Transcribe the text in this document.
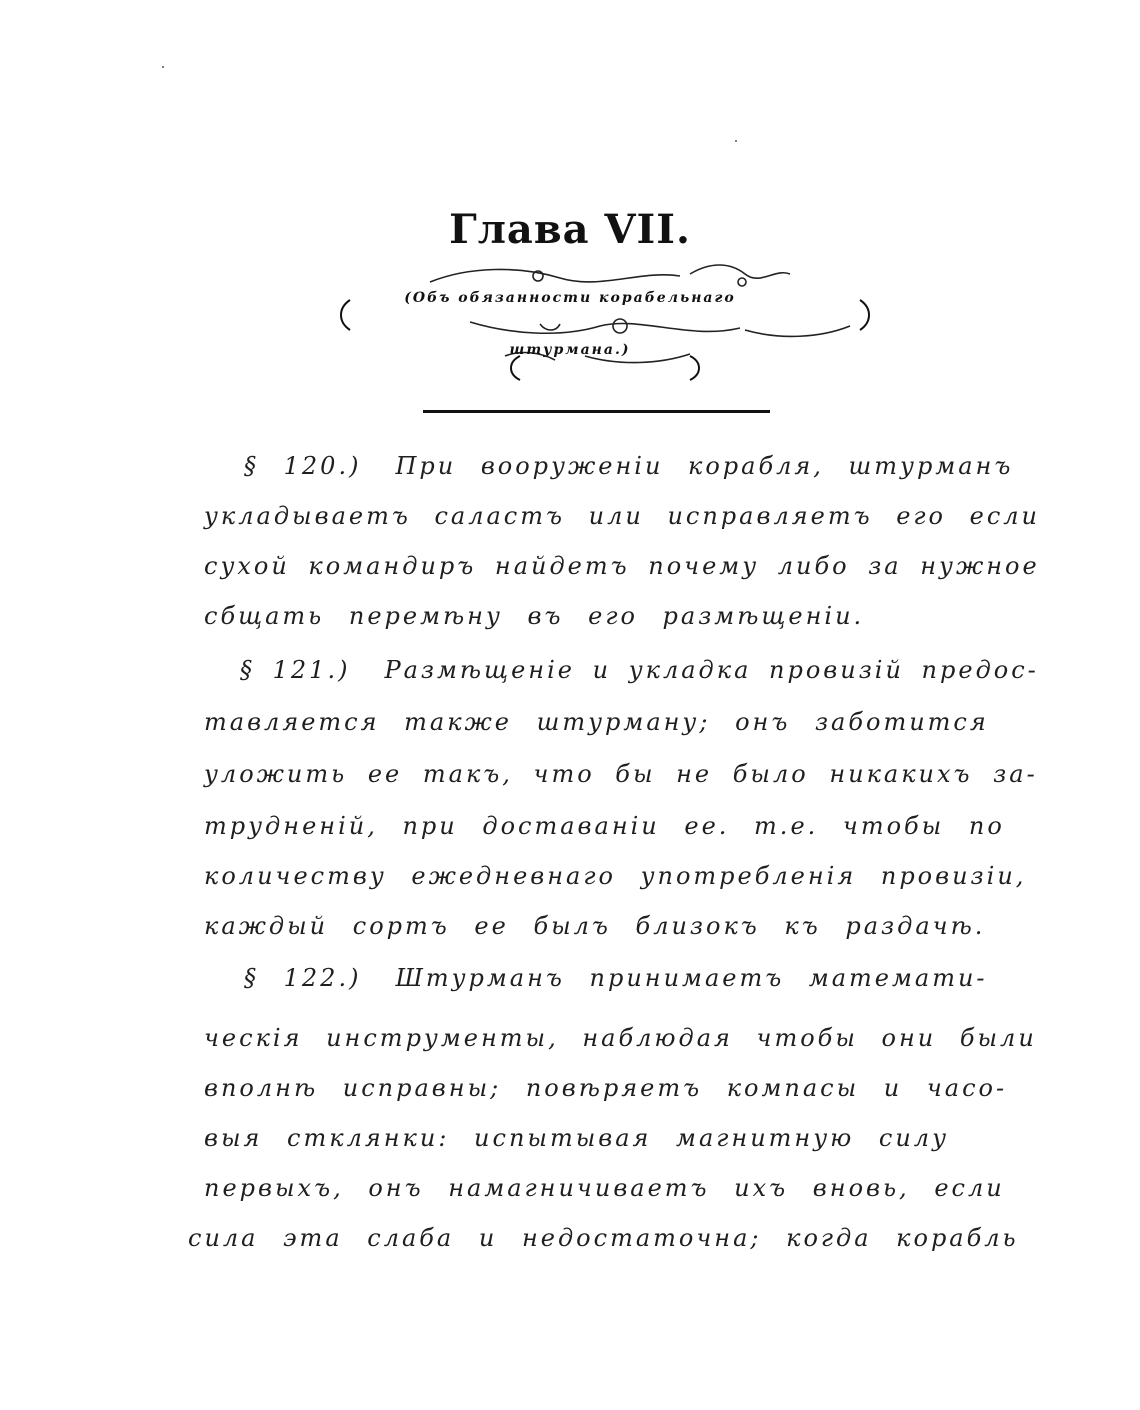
Глава VII.
(Объ обязанности корабельнаго
штурмана.)
§ 120.) При вооруженіи корабля, штурманъ
укладываетъ саластъ или исправляетъ его если
сухой командиръ найдетъ почему либо за нужное
сбщать перемѣну въ его размѣщеніи.
§ 121.) Размѣщеніе и укладка провизій предос-
тавляется также штурману; онъ заботится
уложить ее такъ, что бы не было никакихъ за-
трудненій, при доставаніи ее. т.е. чтобы по
количеству ежедневнаго употребленія провизіи,
каждый сортъ ее былъ близокъ къ раздачѣ.
§ 122.) Штурманъ принимаетъ математи-
ческія инструменты, наблюдая чтобы они были
вполнѣ исправны; повѣряетъ компасы и часо-
выя стклянки: испытывая магнитную силу
первыхъ, онъ намагничиваетъ ихъ вновь, если
сила эта слаба и недостаточна; когда корабль
